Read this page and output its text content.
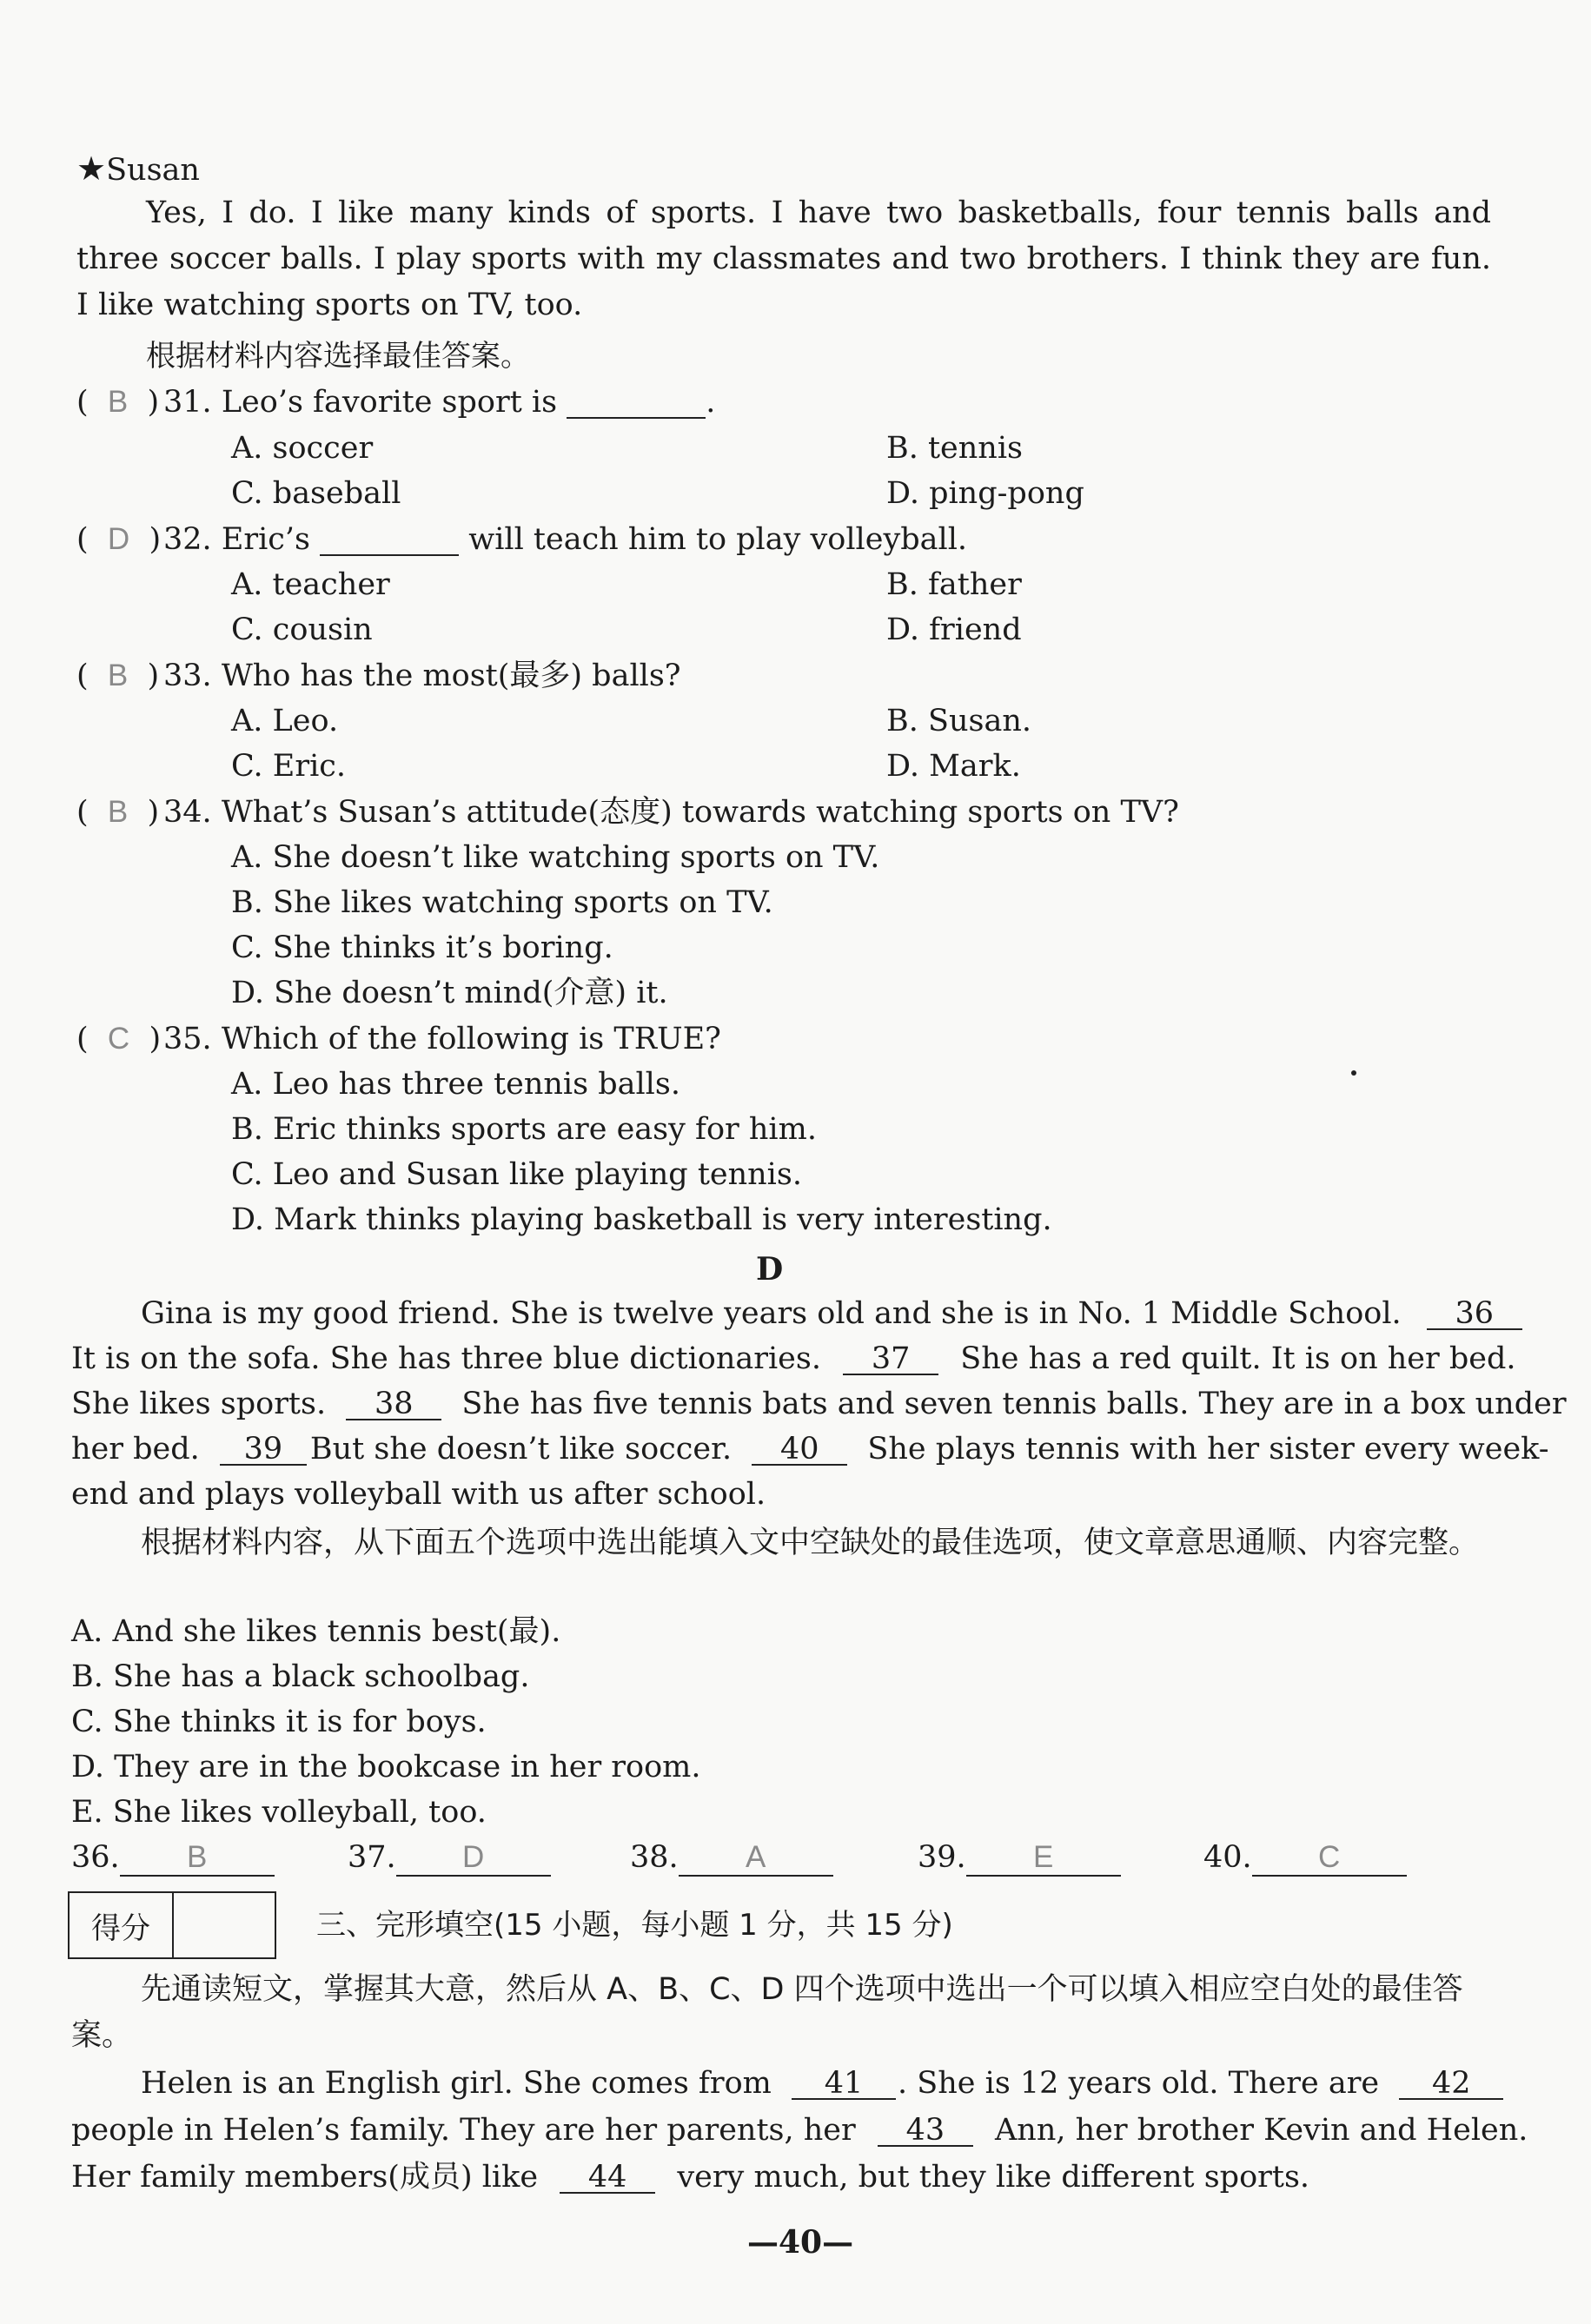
★Susan
Yes, I do. I like many kinds of sports. I have two basketballs, four tennis balls and three soccer balls. I play sports with my classmates and two brothers. I think they are fun. I like watching sports on TV, too.
根据材料内容选择最佳答案。
(  B  ) 31. Leo’s favorite sport is	.
A. soccer	B. tennis
C. baseball	D. ping-pong
(  D  )32. Eric’s	will teach him to play volleyball.
A. teacher	B. father
C. cousin	D. friend
(  B  ) 33. Who has the most(最多) balls?
A. Leo.	B. Susan.
C. Eric.	D. Mark.
(  B  ) 34. What’s Susan’s attitude(态度) towards watching sports on TV?
A. She doesn’t like watching sports on TV.
B. She likes watching sports on TV.
C. She thinks it’s boring.
D. She doesn’t mind(介意) it.
(  C  )35. Which of the following is TRUE?
A. Leo has three tennis balls.
B. Eric thinks sports are easy for him.
C. Leo and Susan like playing tennis.
D. Mark thinks playing basketball is very interesting.
D
Gina is my good friend. She is twelve years old and she is in No. 1 Middle School. 36
It is on the sofa. She has three blue dictionaries. 37 She has a red quilt. It is on her bed.
She likes sports. 38 She has five tennis bats and seven tennis balls. They are in a box under
her bed. 39 But she doesn’t like soccer. 40 She plays tennis with her sister every week-
end and plays volleyball with us after school.
根据材料内容，从下面五个选项中选出能填入文中空缺处的最佳选项，使文章意思通顺、内容完整。
A. And she likes tennis best(最).
B. She has a black schoolbag.
C. She thinks it is for boys.
D. They are in the bookcase in her room.
E. She likes volleyball, too.
36. B	37. D	38. A	39. E	40. C
得分	三、完形填空(15 小题，每小题 1 分，共 15 分)
先通读短文，掌握其大意，然后从 A、B、C、D 四个选项中选出一个可以填入相应空白处的最佳答案。
Helen is an English girl. She comes from 41 . She is 12 years old. There are 42
people in Helen’s family. They are her parents, her 43 Ann, her brother Kevin and Helen.
Her family members(成员) like 44 very much, but they like different sports.
—40—
